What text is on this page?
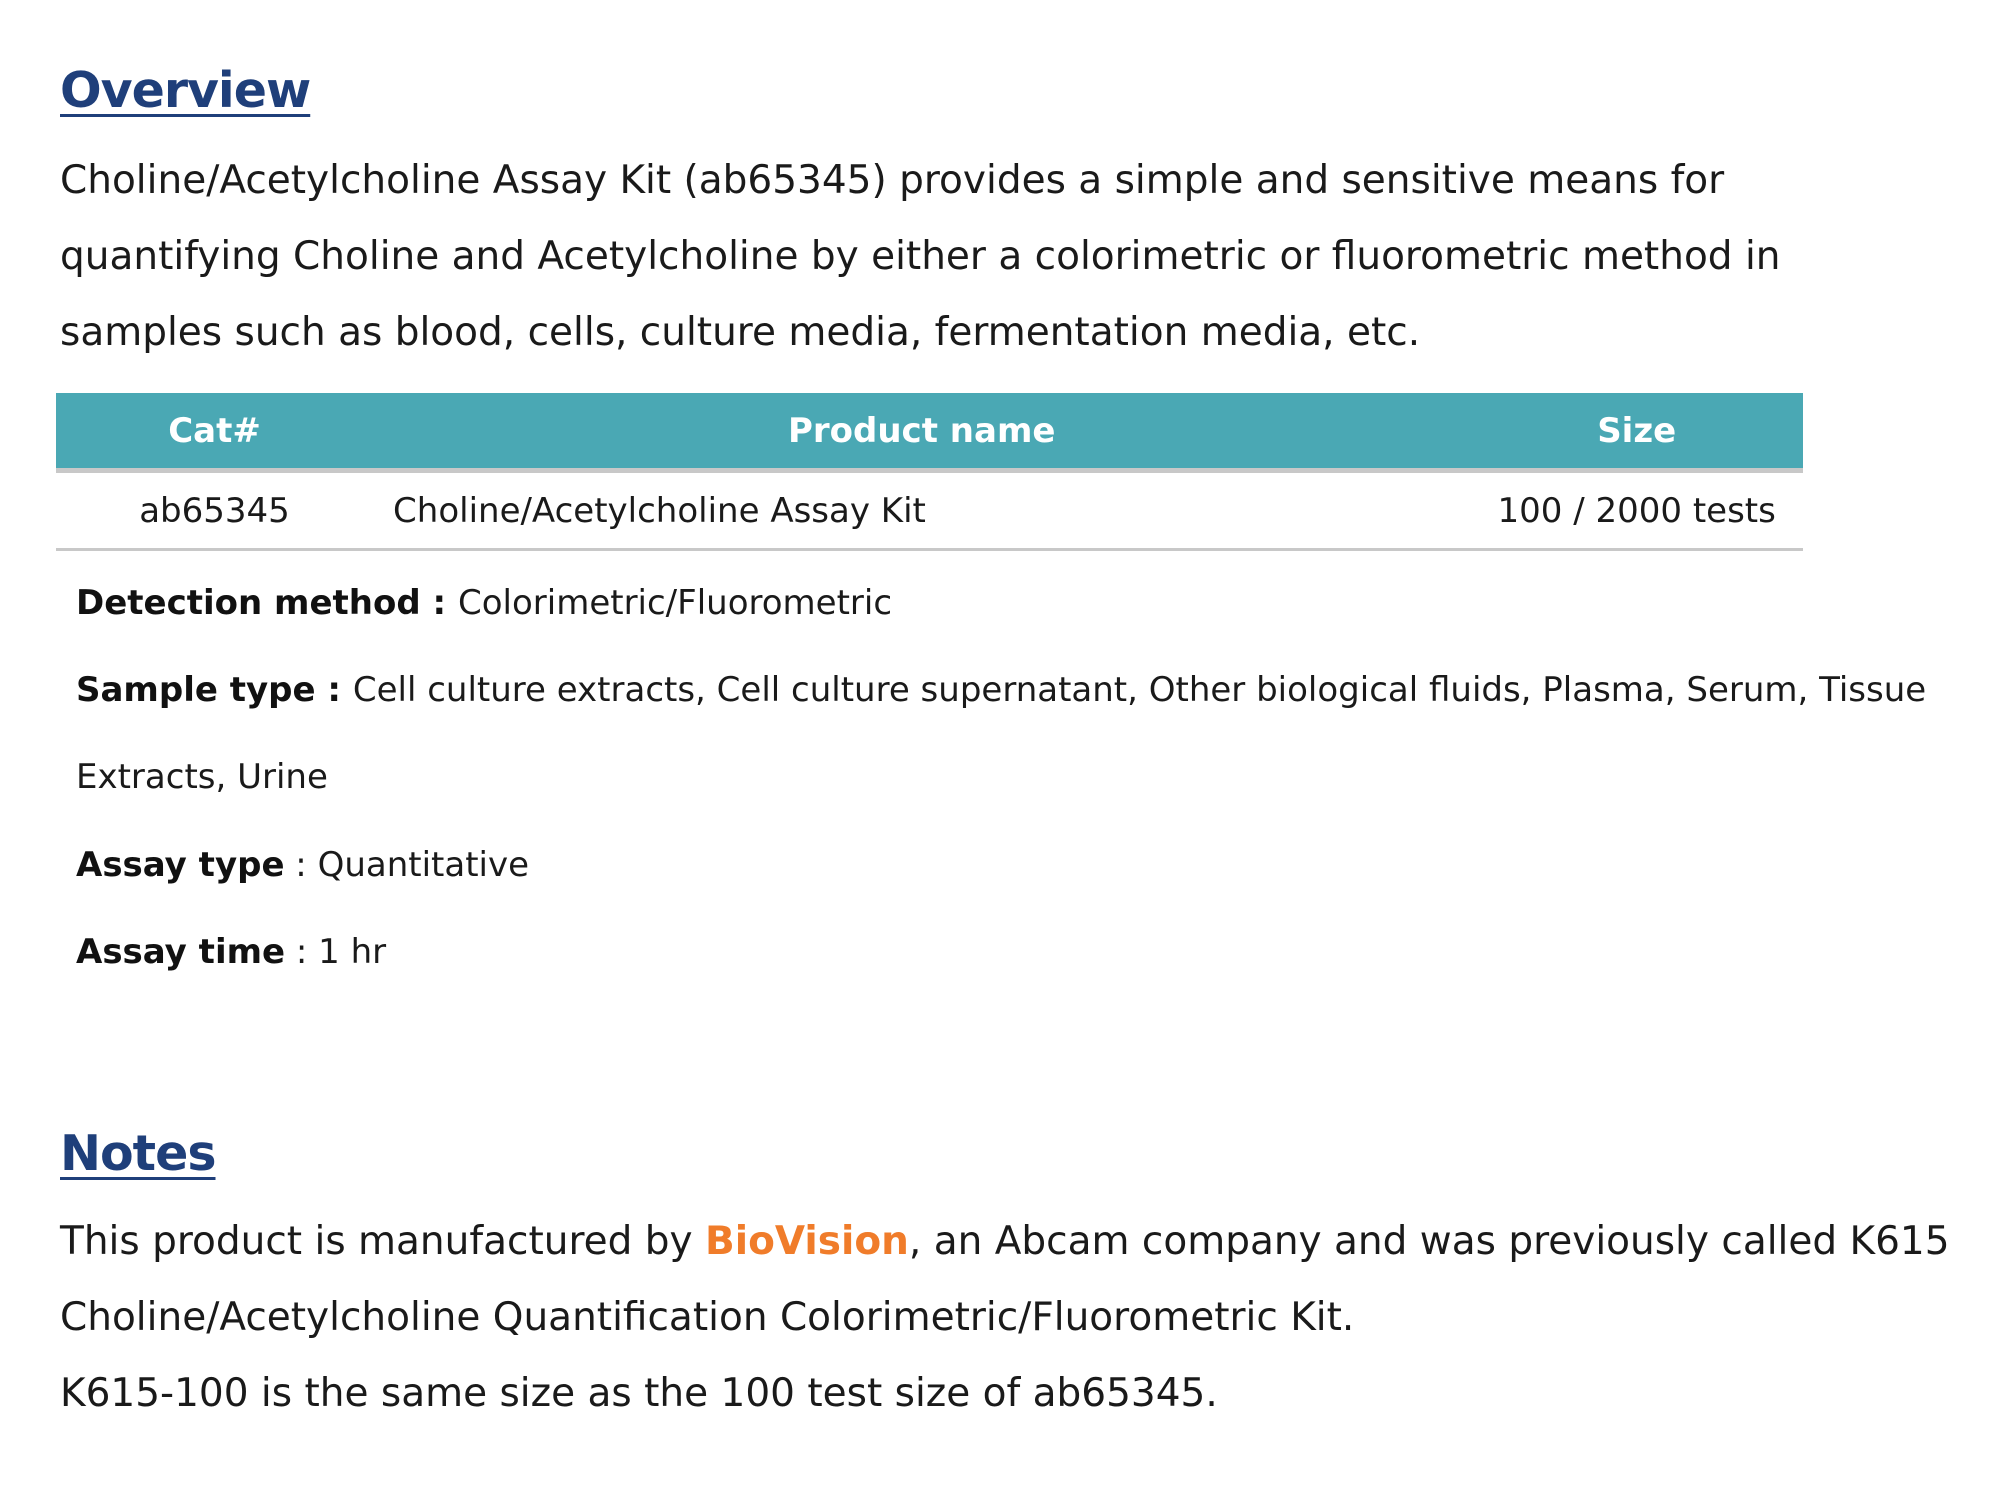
Overview

Choline/Acetylcholine Assay Kit (ab65345) provides a simple and sensitive means for quantifying Choline and Acetylcholine by either a colorimetric or fluorometric method in samples such as blood, cells, culture media, fermentation media, etc.

Cat#	Product name	Size
ab65345	Choline/Acetylcholine Assay Kit	100 / 2000 tests

Detection method : Colorimetric/Fluorometric

Sample type : Cell culture extracts, Cell culture supernatant, Other biological fluids, Plasma, Serum, Tissue Extracts, Urine

Assay type : Quantitative

Assay time : 1 hr

Notes
This product is manufactured by BioVision, an Abcam company and was previously called K615 Choline/Acetylcholine Quantification Colorimetric/Fluorometric Kit.
K615-100 is the same size as the 100 test size of ab65345.
